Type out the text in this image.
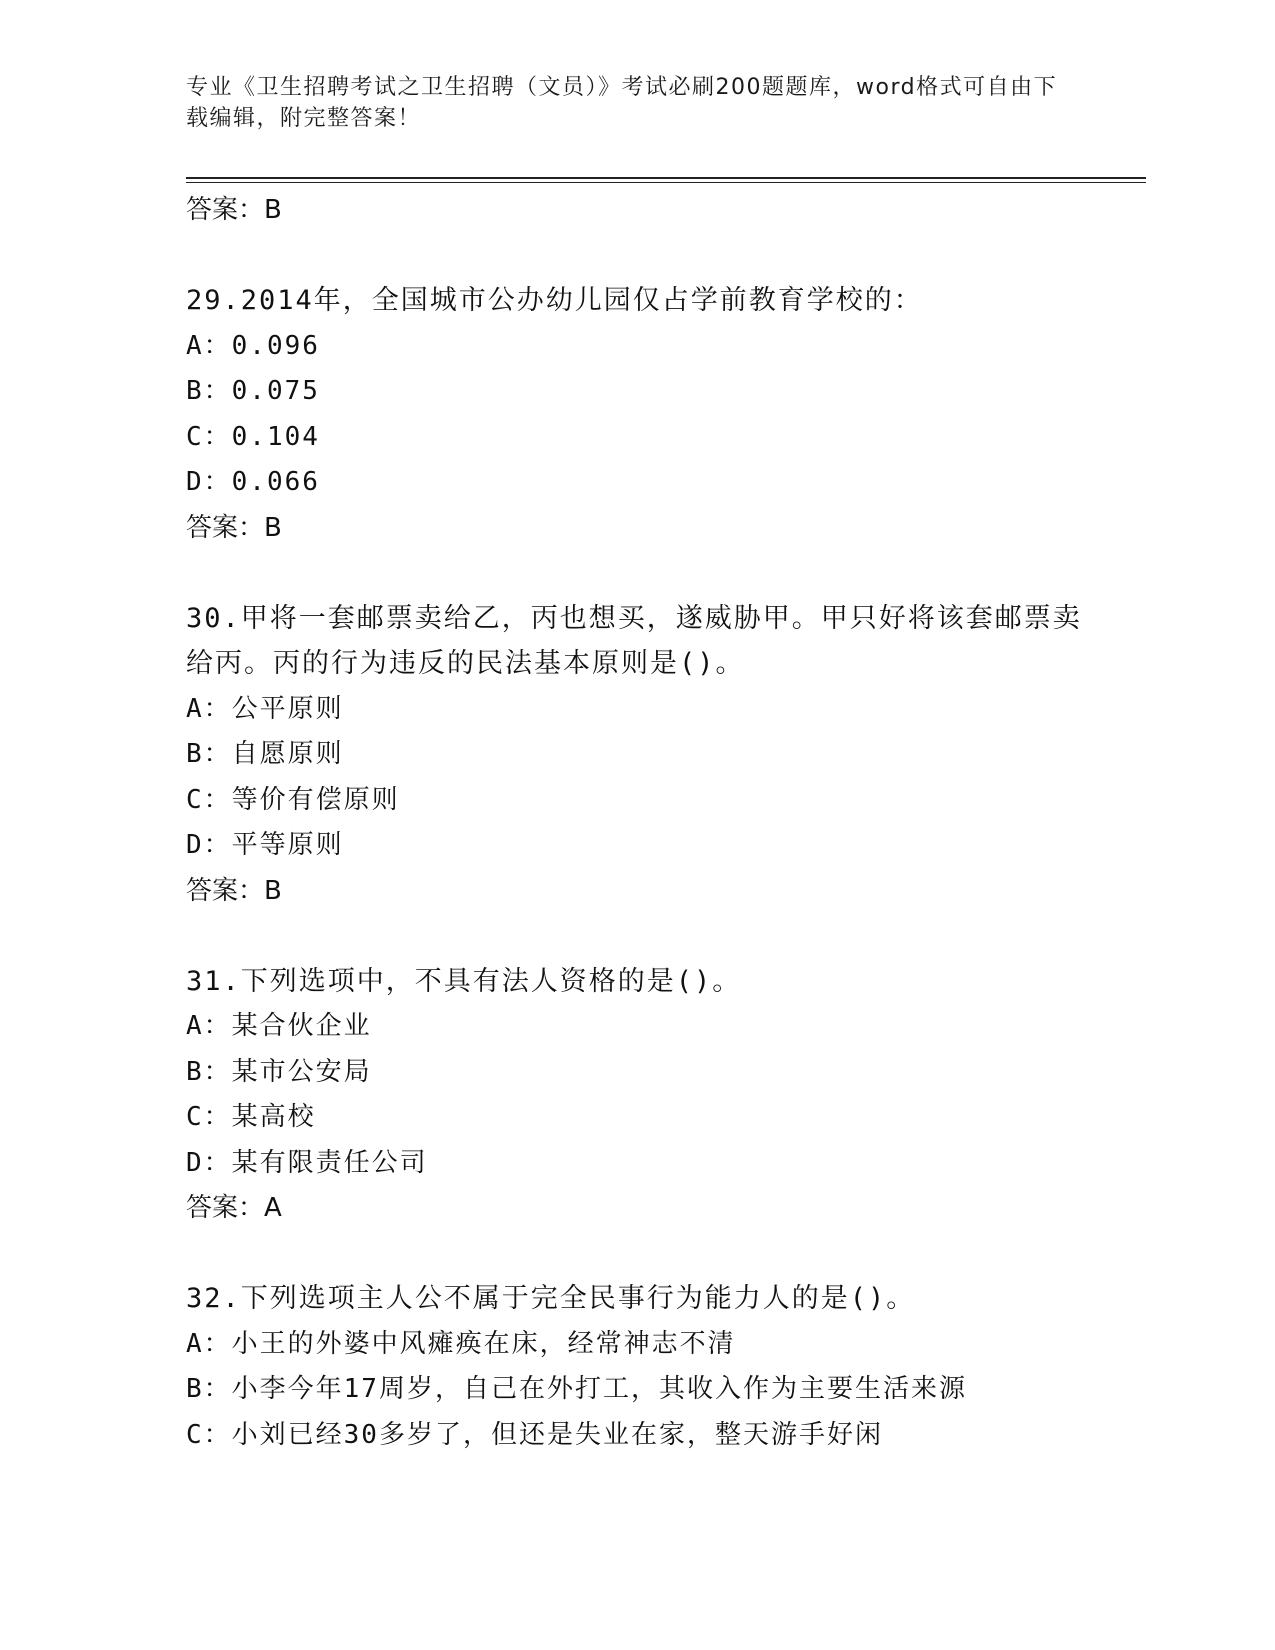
专业《卫生招聘考试之卫生招聘（文员）》考试必刷200题题库，word格式可自由下载编辑，附完整答案！
答案：B
29.2014年，全国城市公办幼儿园仅占学前教育学校的：
A：0.096
B：0.075
C：0.104
D：0.066
答案：B
30.甲将一套邮票卖给乙，丙也想买，遂威胁甲。甲只好将该套邮票卖给丙。丙的行为违反的民法基本原则是()。
A：公平原则
B：自愿原则
C：等价有偿原则
D：平等原则
答案：B
31.下列选项中，不具有法人资格的是()。
A：某合伙企业
B：某市公安局
C：某高校
D：某有限责任公司
答案：A
32.下列选项主人公不属于完全民事行为能力人的是()。
A：小王的外婆中风瘫痪在床，经常神志不清
B：小李今年17周岁，自己在外打工，其收入作为主要生活来源
C：小刘已经30多岁了，但还是失业在家，整天游手好闲
